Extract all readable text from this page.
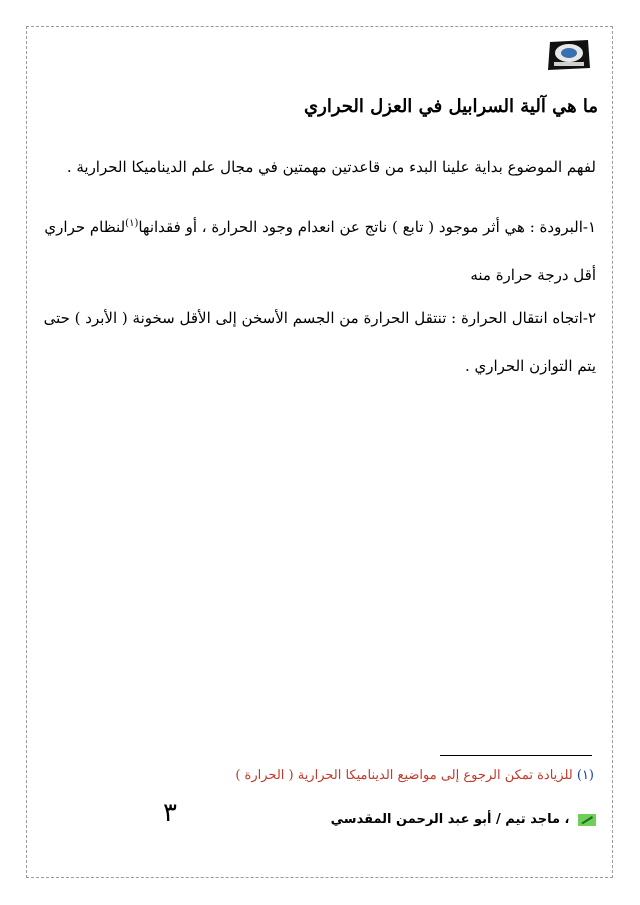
ما هي آلية السرابيل في العزل الحراري
لفهم الموضوع بداية علينا البدء من قاعدتين مهمتين في مجال علم الديناميكا الحرارية .
١-البرودة : هي أثر موجود ( تابع ) ناتج عن انعدام وجود الحرارة ، أو فقدانها$^{(١)}$لنظام حراري أقل درجة حرارة منه
٢-اتجاه انتقال الحرارة : تنتقل الحرارة من الجسم الأسخن إلى الأقل سخونة ( الأبرد ) حتى يتم التوازن الحراري .
(١) للزيادة تمكن الرجوع إلى مواضيع الديناميكا الحرارية ( الحرارة )
٣	، ماجد تيم / أبو عبد الرحمن المقدسي
